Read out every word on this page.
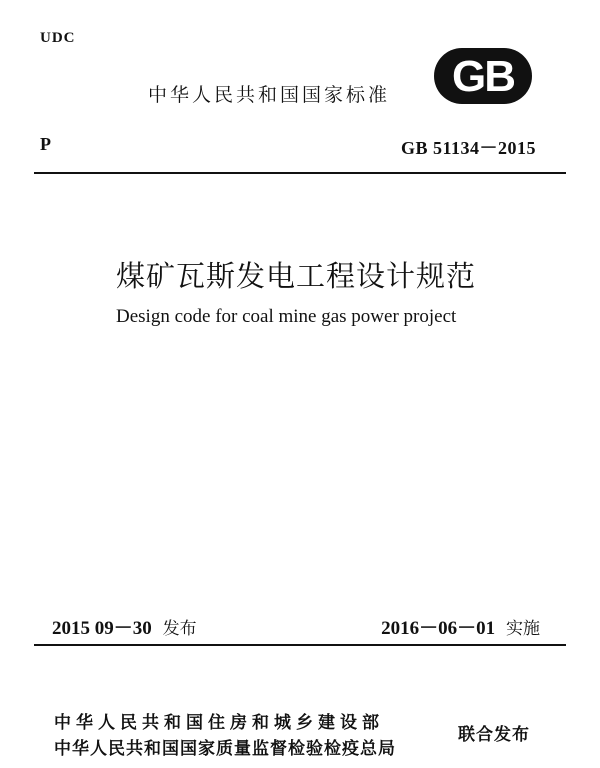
UDC
中华人民共和国国家标准 GB
P	GB 51134－2015
煤矿瓦斯发电工程设计规范
Design code for coal mine gas power project
2015 09－30 发布	2016－06－01 实施
中华人民共和国住房和城乡建设部
中华人民共和国国家质量监督检验检疫总局
联合发布
